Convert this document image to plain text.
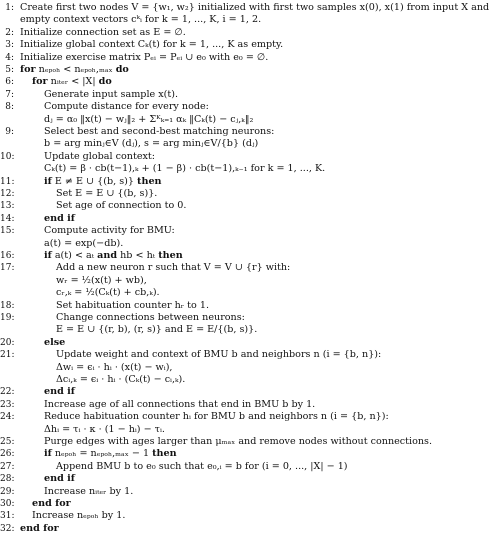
1: Create first two nodes V = {w₁, w₂} initialized with first two samples x(0), x(1) from input X and
empty context vectors cᵏᵢ for k = 1, ..., K, i = 1, 2.
2: Initialize connection set as E = ∅.
3: Initialize global context Cₖ(t) for k = 1, ..., K as empty.
4: Initialize exercise matrix Pₑᵢ = Pₑᵢ ∪ e₀ with e₀ = ∅.
5: for nₑₚₒₕ < nₑₚₒₕ,ₘₐₓ do
6: for nᵢₜₑᵣ < |X| do
7:	Generate input sample x(t).
8:	Compute distance for every node:
dⱼ = α₀ ‖x(t) − wⱼ‖₂ + Σᴷₖ₌₁ αₖ ‖Cₖ(t) − cⱼ,ₖ‖₂
9:	Select best and second-best matching neurons:
b = arg minⱼ∈V (dⱼ), s = arg minⱼ∈V/{b} (dⱼ)
10:	Update global context:
Cₖ(t) = β · cb(t−1),ₖ + (1 − β) · cb(t−1),ₖ₋₁ for k = 1, ..., K.
11:	if E ≠ E ∪ {(b, s)} then
12:	Set E = E ∪ {(b, s)}.
13:	Set age of connection to 0.
14:	end if
15:	Compute activity for BMU:
a(t) = exp(−db).
16:	if a(t) < aₜ and hb < hₜ then
17:	Add a new neuron r such that V = V ∪ {r} with:
wᵣ = ½(x(t) + wb),
cᵣ,ₖ = ½(Cₖ(t) + cb,ₖ).
18:	Set habituation counter hᵣ to 1.
19:	Change connections between neurons:
E = E ∪ {(r, b), (r, s)} and E = E/{(b, s)}.
20:	else
21:	Update weight and context of BMU b and neighbors n (i = {b, n}):
Δwᵢ = ϵᵢ · hᵢ · (x(t) − wᵢ),
Δcᵢ,ₖ = ϵᵢ · hᵢ · (Cₖ(t) − cᵢ,ₖ).
22:	end if
23:	Increase age of all connections that end in BMU b by 1.
24:	Reduce habituation counter hᵢ for BMU b and neighbors n (i = {b, n}):
Δhᵢ = τᵢ · κ · (1 − hᵢ) − τᵢ.
25:	Purge edges with ages larger than μₘₐₓ and remove nodes without connections.
26:	if nₑₚₒₕ = nₑₚₒₕ,ₘₐₓ − 1 then
27:	Append BMU b to e₀ such that e₀,ᵢ = b for (i = 0, ..., |X| − 1)
28:	end if
29:	Increase nᵢₜₑᵣ by 1.
30: end for
31: Increase nₑₚₒₕ by 1.
32: end for
